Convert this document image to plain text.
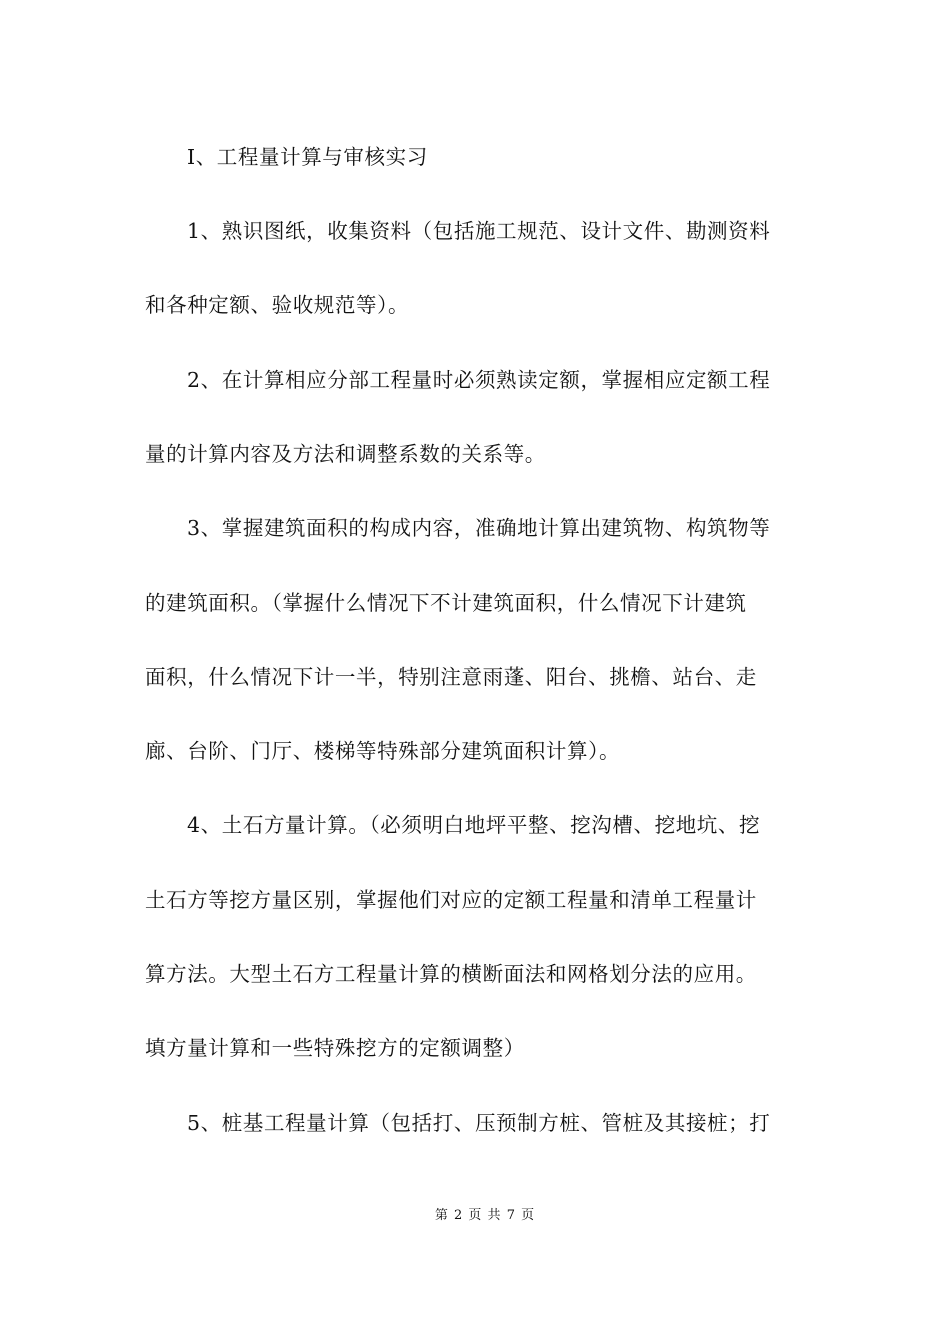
I、工程量计算与审核实习
1、熟识图纸，收集资料（包括施工规范、设计文件、勘测资料
和各种定额、验收规范等）。
2、在计算相应分部工程量时必须熟读定额，掌握相应定额工程
量的计算内容及方法和调整系数的关系等。
3、掌握建筑面积的构成内容，准确地计算出建筑物、构筑物等
的建筑面积。（掌握什么情况下不计建筑面积，什么情况下计建筑
面积，什么情况下计一半，特别注意雨蓬、阳台、挑檐、站台、走
廊、台阶、门厅、楼梯等特殊部分建筑面积计算）。
4、土石方量计算。（必须明白地坪平整、挖沟槽、挖地坑、挖
土石方等挖方量区别，掌握他们对应的定额工程量和清单工程量计
算方法。大型土石方工程量计算的横断面法和网格划分法的应用。
填方量计算和一些特殊挖方的定额调整）
5、桩基工程量计算（包括打、压预制方桩、管桩及其接桩；打
第 2 页 共 7 页
